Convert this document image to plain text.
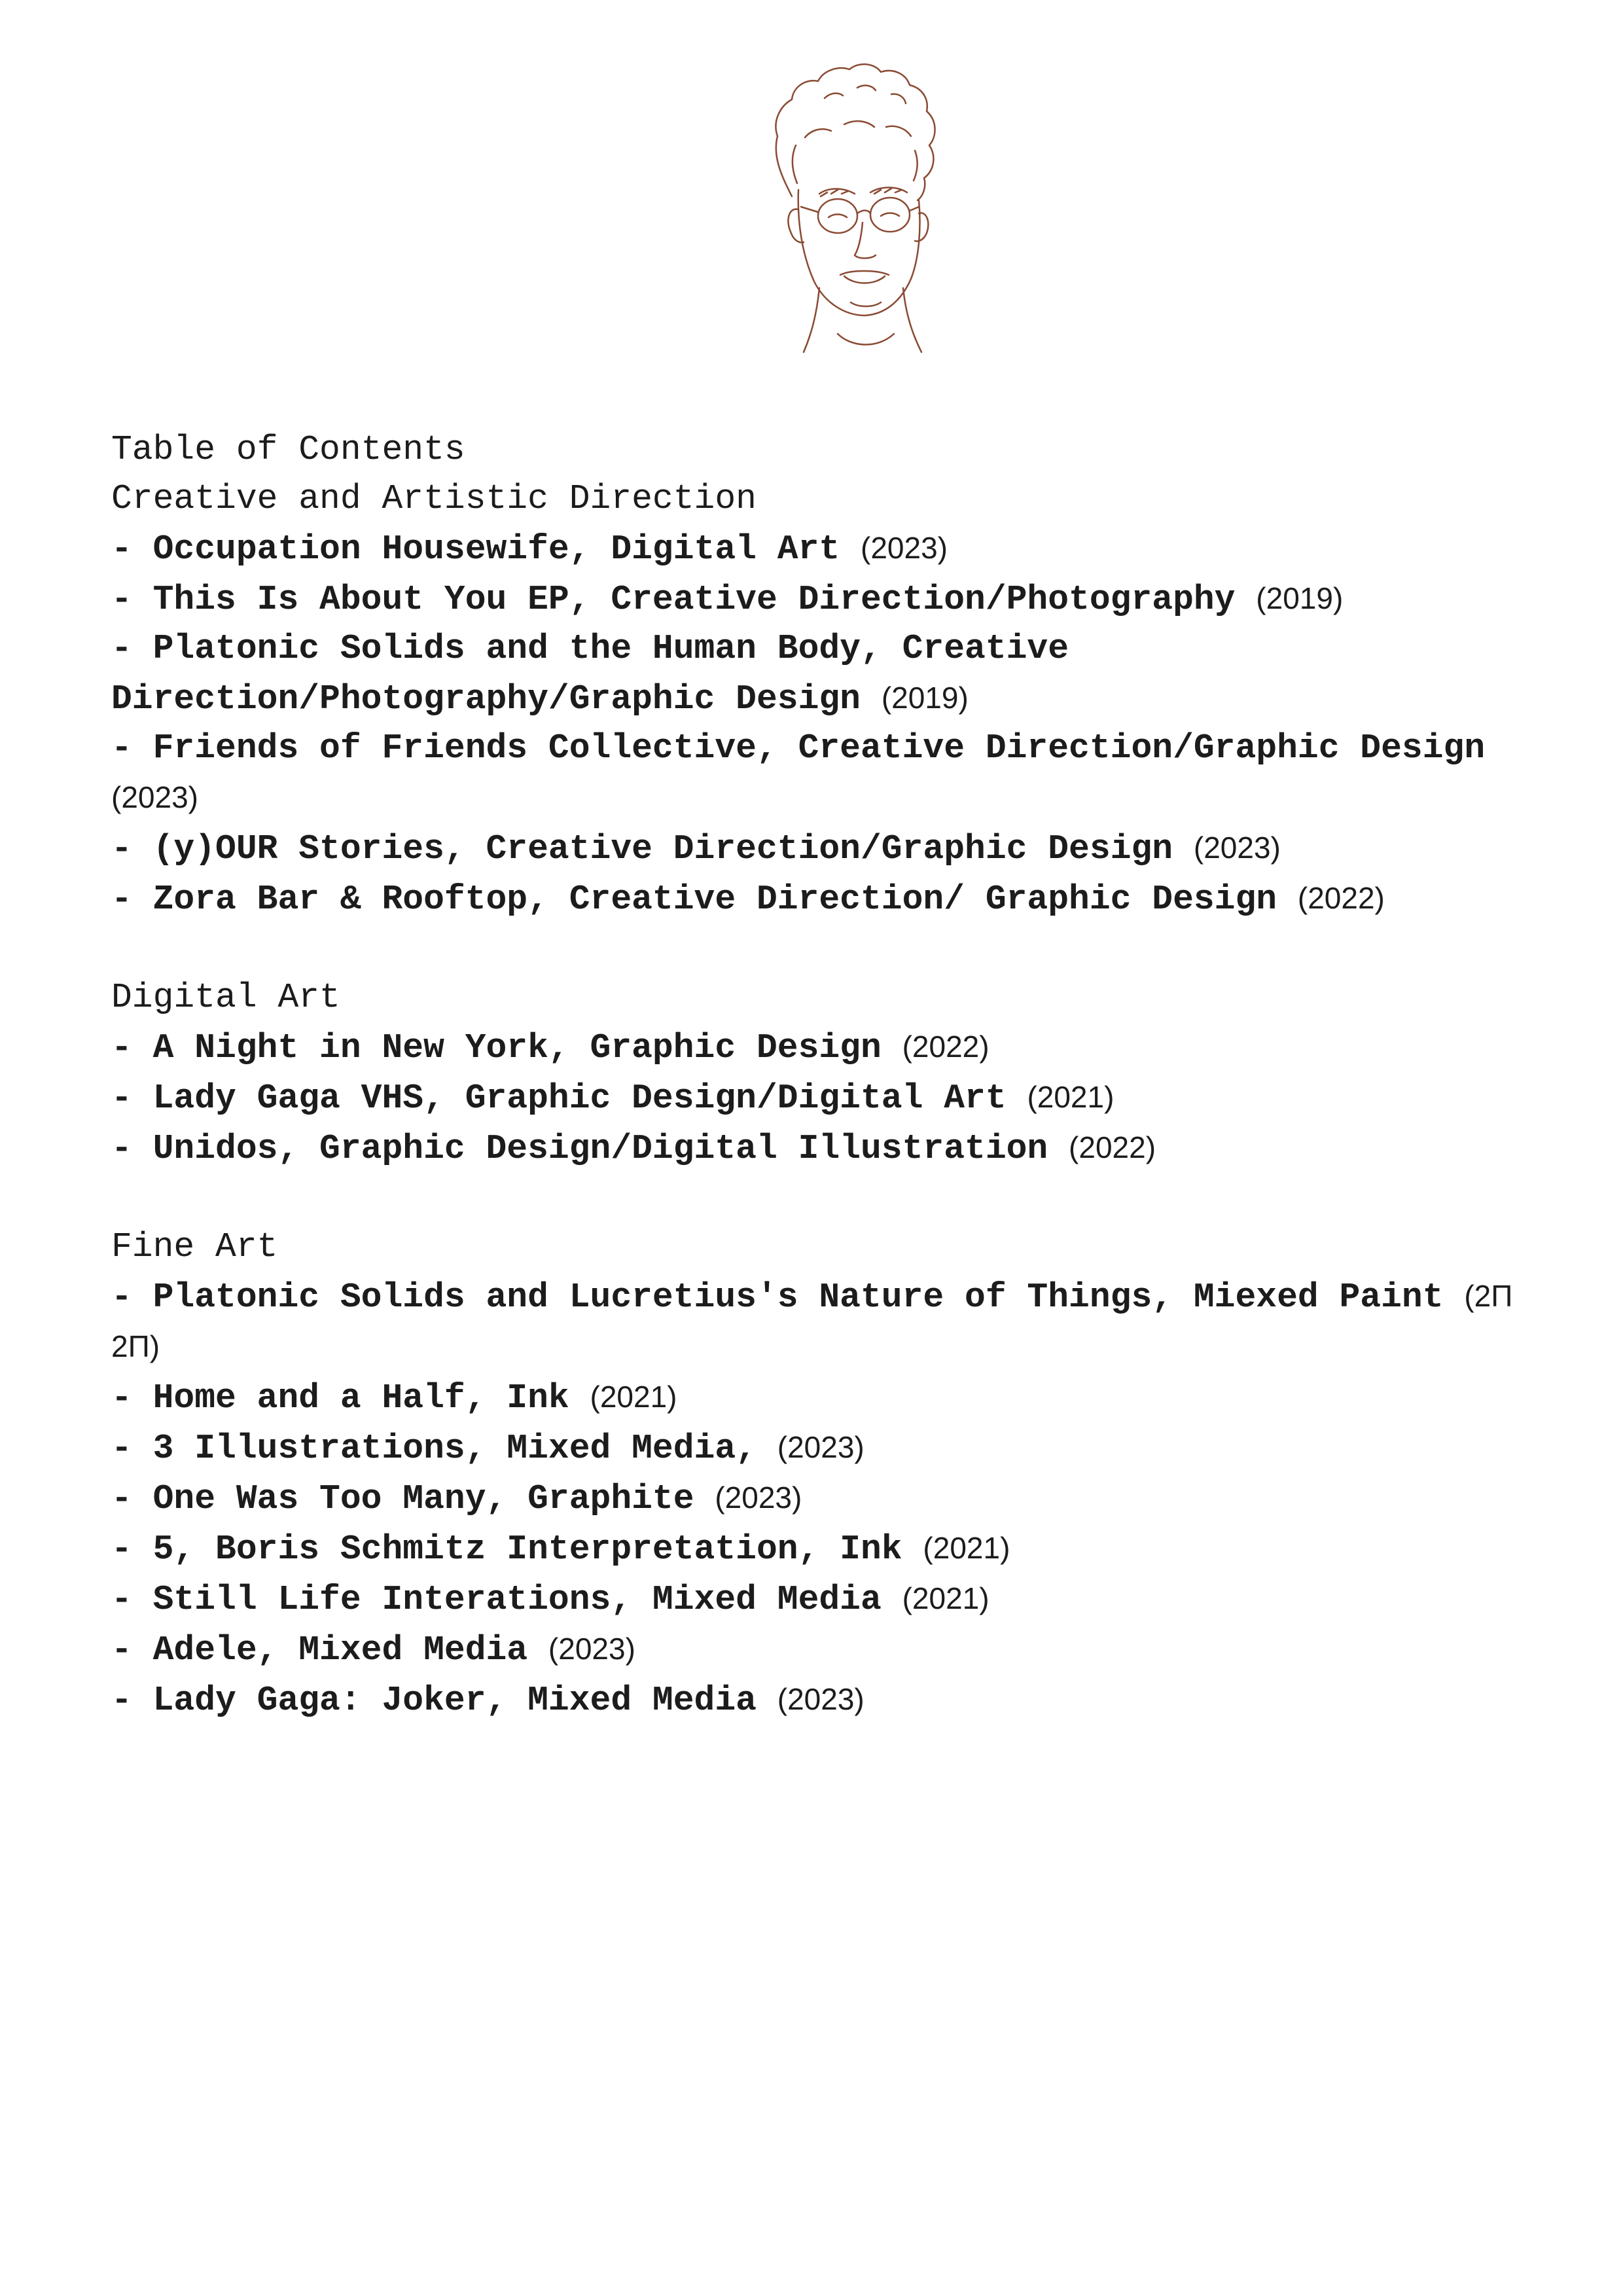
Table of Contents

Creative and Artistic Direction

- Occupation Housewife, Digital Art (2023)

- This Is About You EP, Creative Direction/Photography (2019)

- Platonic Solids and the Human Body, Creative Direction/Photography/Graphic Design (2019)

- Friends of Friends Collective, Creative Direction/Graphic Design (2023)

- (y)OUR Stories, Creative Direction/Graphic Design (2023)

- Zora Bar & Rooftop, Creative Direction/ Graphic Design (2022)

Digital Art

- A Night in New York, Graphic Design (2022)

- Lady Gaga VHS, Graphic Design/Digital Art (2021)

- Unidos, Graphic Design/Digital Illustration (2022)

Fine Art

- Platonic Solids and Lucretius's Nature of Things, Miexed Paint (2Π 2Π)

- Home and a Half, Ink (2021)

- 3 Illustrations, Mixed Media, (2023)

- One Was Too Many, Graphite (2023)

- 5, Boris Schmitz Interpretation, Ink (2021)

- Still Life Interations, Mixed Media (2021)

- Adele, Mixed Media (2023)

- Lady Gaga: Joker, Mixed Media (2023)
